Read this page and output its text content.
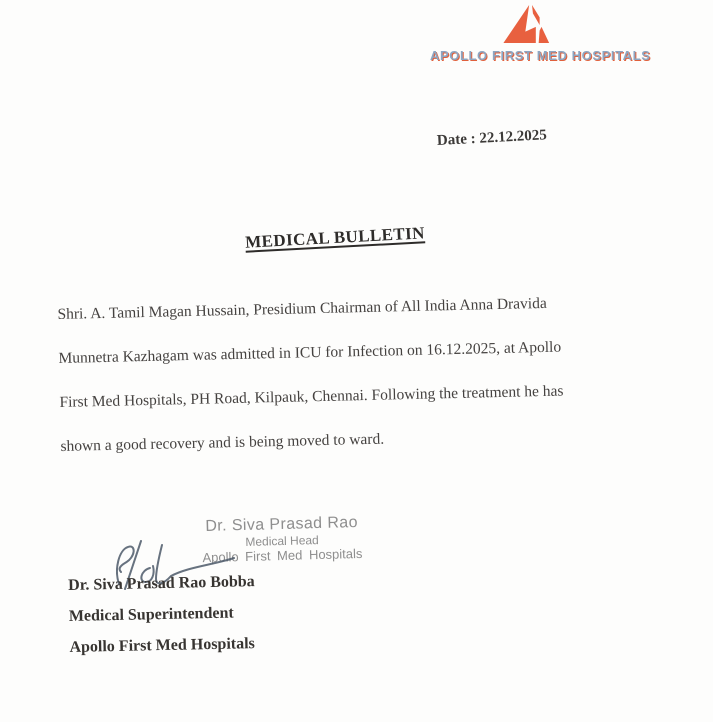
APOLLO FIRST MED HOSPITALS
Date : 22.12.2025
MEDICAL BULLETIN
Shri. A. Tamil Magan Hussain, Presidium Chairman of All India Anna Dravida
Munnetra Kazhagam was admitted in ICU for Infection on 16.12.2025, at Apollo
First Med Hospitals, PH Road, Kilpauk, Chennai. Following the treatment he has
shown a good recovery and is being moved to ward.
Dr. Siva Prasad Rao
Medical Head
Apollo First Med Hospitals
Dr. Siva Prasad Rao Bobba
Medical Superintendent
Apollo First Med Hospitals
